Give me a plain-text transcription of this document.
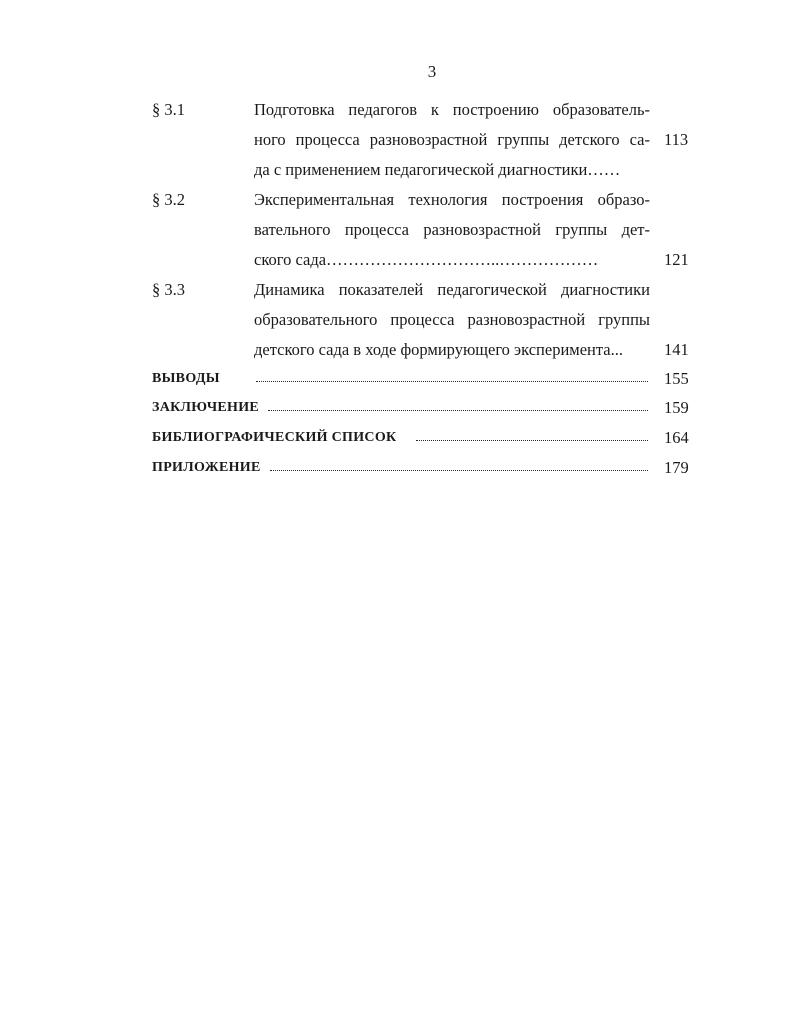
3
§ 3.1	Подготовка педагогов к построению образователь-
ного процесса разновозрастной группы детского са- 113
да с применением педагогической диагностики……
§ 3.2	Экспериментальная технология построения образо-
вательного процесса разновозрастной группы дет-
ского сада…………………………..………………	121
§ 3.3	Динамика показателей педагогической диагностики
образовательного процесса разновозрастной группы
детского сада в ходе формирующего эксперимента...	141
ВЫВОДЫ	155
ЗАКЛЮЧЕНИЕ	159
БИБЛИОГРАФИЧЕСКИЙ СПИСОК	164
ПРИЛОЖЕНИЕ	179
